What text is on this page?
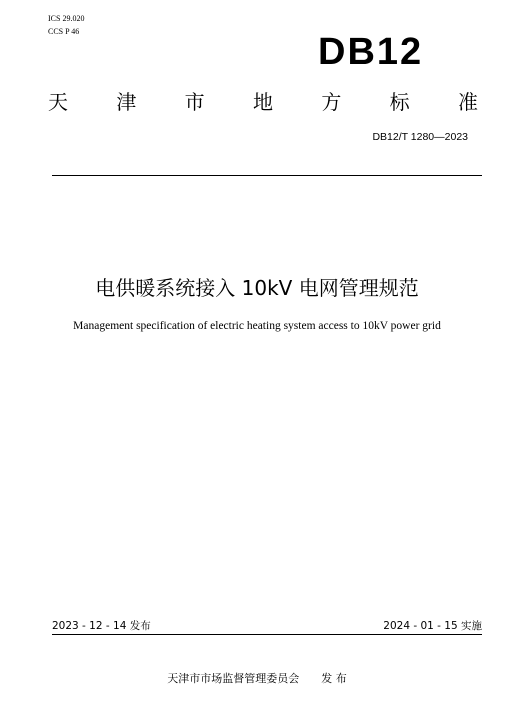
ICS 29.020
CCS P 46	DB12
天 津 市 地 方 标 准
DB12/T 1280—2023
电供暖系统接入 10kV 电网管理规范
Management specification of electric heating system access to 10kV power grid
2023 - 12 - 14 发布	2024 - 01 - 15 实施
天津市市场监督管理委员会 发 布
